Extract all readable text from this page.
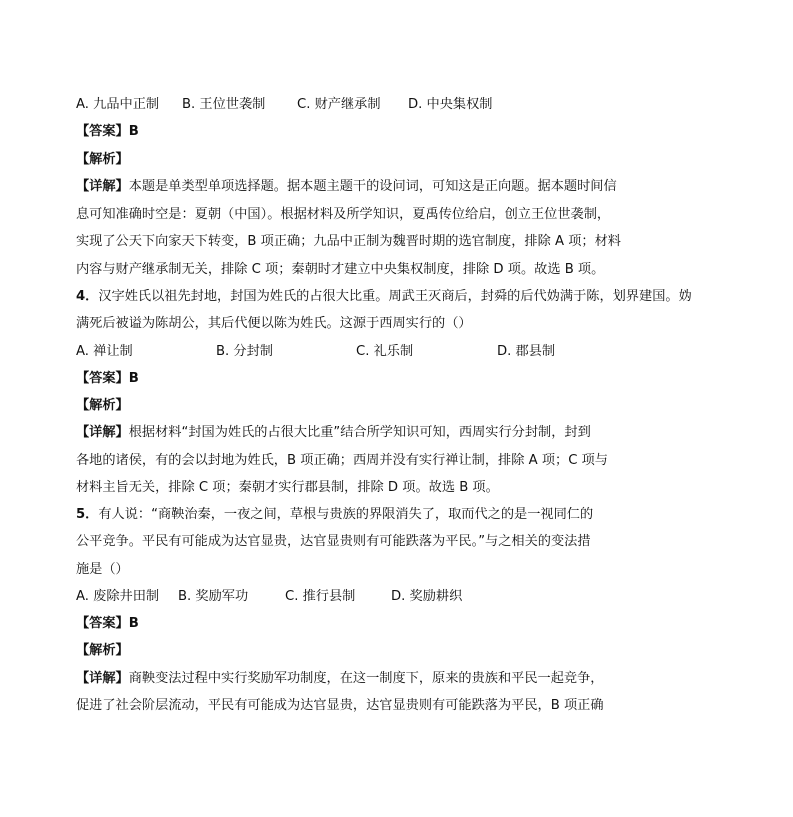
A. 九品中正制 B. 王位世袭制 C. 财产继承制 D. 中央集权制
【答案】B
【解析】
【详解】本题是单类型单项选择题。据本题主题干的设问词，可知这是正向题。据本题时间信
息可知准确时空是：夏朝（中国）。根据材料及所学知识，夏禹传位给启，创立王位世袭制，
实现了公天下向家天下转变，B 项正确；九品中正制为魏晋时期的选官制度，排除 A 项；材料
内容与财产继承制无关，排除 C 项；秦朝时才建立中央集权制度，排除 D 项。故选 B 项。
4．汉字姓氏以祖先封地，封国为姓氏的占很大比重。周武王灭商后，封舜的后代妫满于陈，划界建国。妫
满死后被谥为陈胡公，其后代便以陈为姓氏。这源于西周实行的（）
A. 禅让制	B. 分封制	C. 礼乐制	D. 郡县制
【答案】B
【解析】
【详解】根据材料“封国为姓氏的占很大比重”结合所学知识可知，西周实行分封制，封到
各地的诸侯，有的会以封地为姓氏，B 项正确；西周并没有实行禅让制，排除 A 项；C 项与
材料主旨无关，排除 C 项；秦朝才实行郡县制，排除 D 项。故选 B 项。
5．有人说：“商鞅治秦，一夜之间，草根与贵族的界限消失了，取而代之的是一视同仁的
公平竞争。平民有可能成为达官显贵，达官显贵则有可能跌落为平民。”与之相关的变法措
施是（）
A. 废除井田制 B. 奖励军功	C. 推行县制	D. 奖励耕织
【答案】B
【解析】
【详解】商鞅变法过程中实行奖励军功制度，在这一制度下，原来的贵族和平民一起竞争，
促进了社会阶层流动，平民有可能成为达官显贵，达官显贵则有可能跌落为平民，B 项正确
